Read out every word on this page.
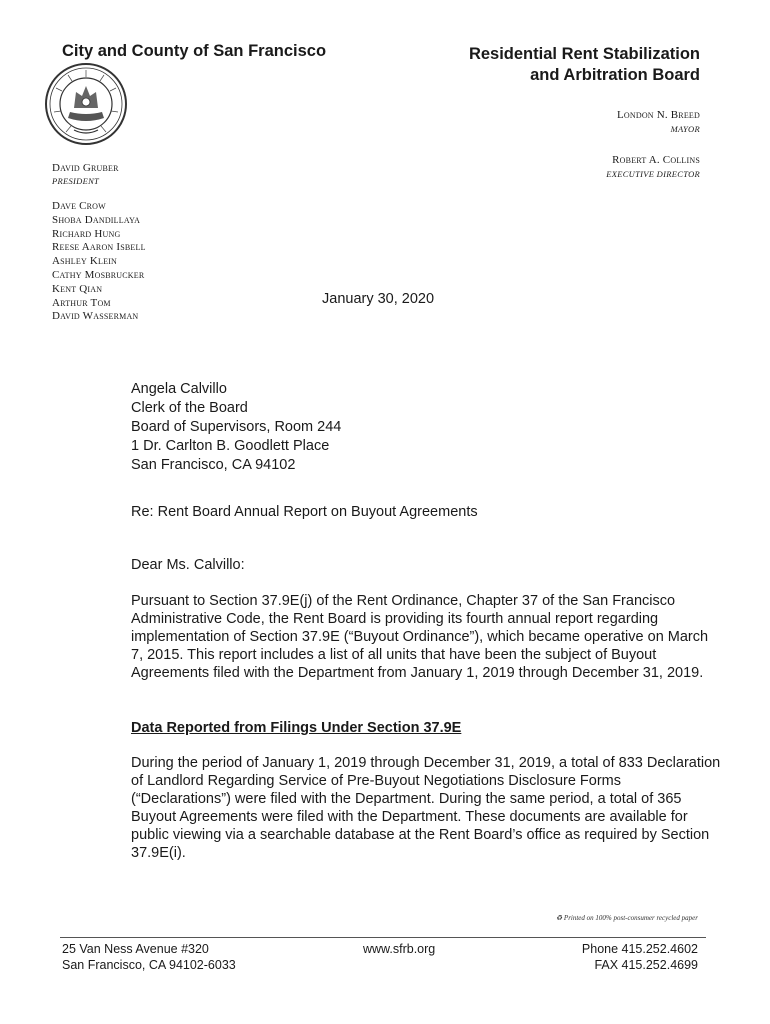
City and County of San Francisco	Residential Rent Stabilization
and Arbitration Board
London N. Breed
MAYOR
Robert A. Collins
EXECUTIVE DIRECTOR
David Gruber
PRESIDENT
Dave Crow
Shoba Dandillaya
Richard Hung
Reese Aaron Isbell
Ashley Klein
Cathy Mosbrucker
Kent Qian
Arthur Tom
David Wasserman
January 30, 2020
Angela Calvillo
Clerk of the Board
Board of Supervisors, Room 244
1 Dr. Carlton B. Goodlett Place
San Francisco, CA 94102
Re: Rent Board Annual Report on Buyout Agreements
Dear Ms. Calvillo:
Pursuant to Section 37.9E(j) of the Rent Ordinance, Chapter 37 of the San Francisco Administrative Code, the Rent Board is providing its fourth annual report regarding implementation of Section 37.9E (“Buyout Ordinance”), which became operative on March 7, 2015. This report includes a list of all units that have been the subject of Buyout Agreements filed with the Department from January 1, 2019 through December 31, 2019.
Data Reported from Filings Under Section 37.9E
During the period of January 1, 2019 through December 31, 2019, a total of 833 Declaration of Landlord Regarding Service of Pre-Buyout Negotiations Disclosure Forms (“Declarations”) were filed with the Department. During the same period, a total of 365 Buyout Agreements were filed with the Department. These documents are available for public viewing via a searchable database at the Rent Board’s office as required by Section 37.9E(i).
♻ Printed on 100% post-consumer recycled paper
25 Van Ness Avenue #320
San Francisco, CA 94102-6033
www.sfrb.org	Phone 415.252.4602
FAX 415.252.4699
